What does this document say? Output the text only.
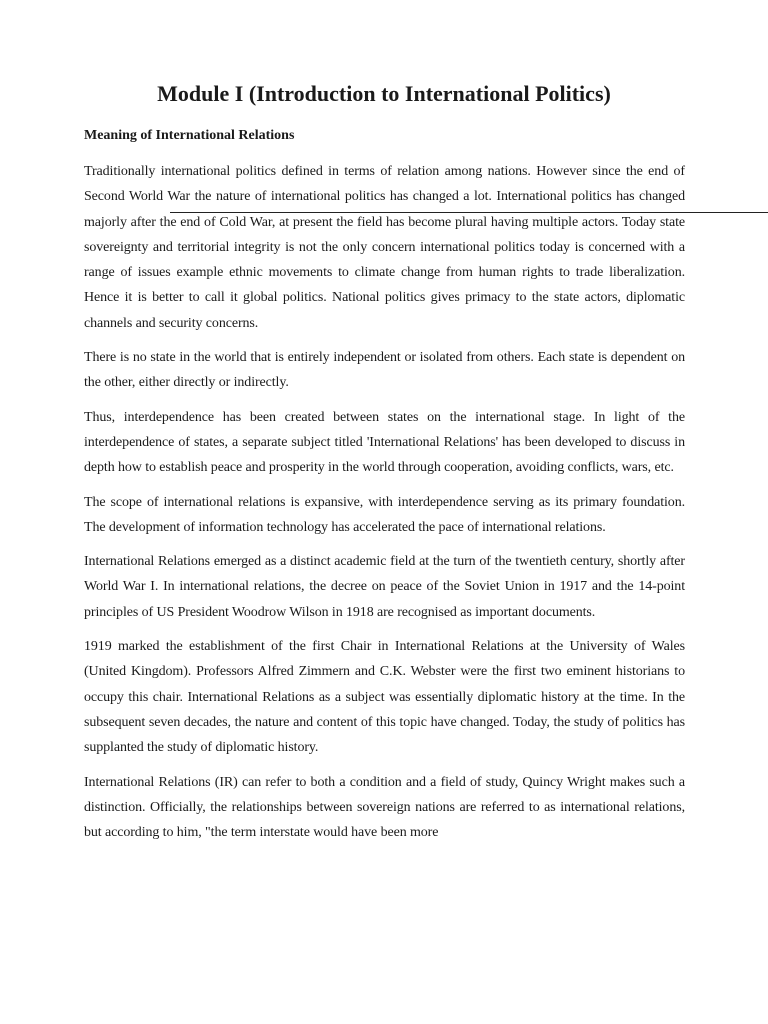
Module I (Introduction to International Politics)
Meaning of International Relations

Traditionally international politics defined in terms of relation among nations. However since the end of Second World War the nature of international politics has changed a lot. International politics has changed majorly after the end of Cold War, at present the field has become plural having multiple actors. Today state sovereignty and territorial integrity is not the only concern international politics today is concerned with a range of issues example ethnic movements to climate change from human rights to trade liberalization. Hence it is better to call it global politics. National politics gives primacy to the state actors, diplomatic channels and security concerns.

There is no state in the world that is entirely independent or isolated from others. Each state is dependent on the other, either directly or indirectly.

Thus, interdependence has been created between states on the international stage. In light of the interdependence of states, a separate subject titled 'International Relations' has been developed to discuss in depth how to establish peace and prosperity in the world through cooperation, avoiding conflicts, wars, etc.

The scope of international relations is expansive, with interdependence serving as its primary foundation. The development of information technology has accelerated the pace of international relations.

International Relations emerged as a distinct academic field at the turn of the twentieth century, shortly after World War I. In international relations, the decree on peace of the Soviet Union in 1917 and the 14-point principles of US President Woodrow Wilson in 1918 are recognised as important documents.

1919 marked the establishment of the first Chair in International Relations at the University of Wales (United Kingdom). Professors Alfred Zimmern and C.K. Webster were the first two eminent historians to occupy this chair. International Relations as a subject was essentially diplomatic history at the time. In the subsequent seven decades, the nature and content of this topic have changed. Today, the study of politics has supplanted the study of diplomatic history.

International Relations (IR) can refer to both a condition and a field of study, Quincy Wright makes such a distinction. Officially, the relationships between sovereign nations are referred to as international relations, but according to him, "the term interstate would have been more
